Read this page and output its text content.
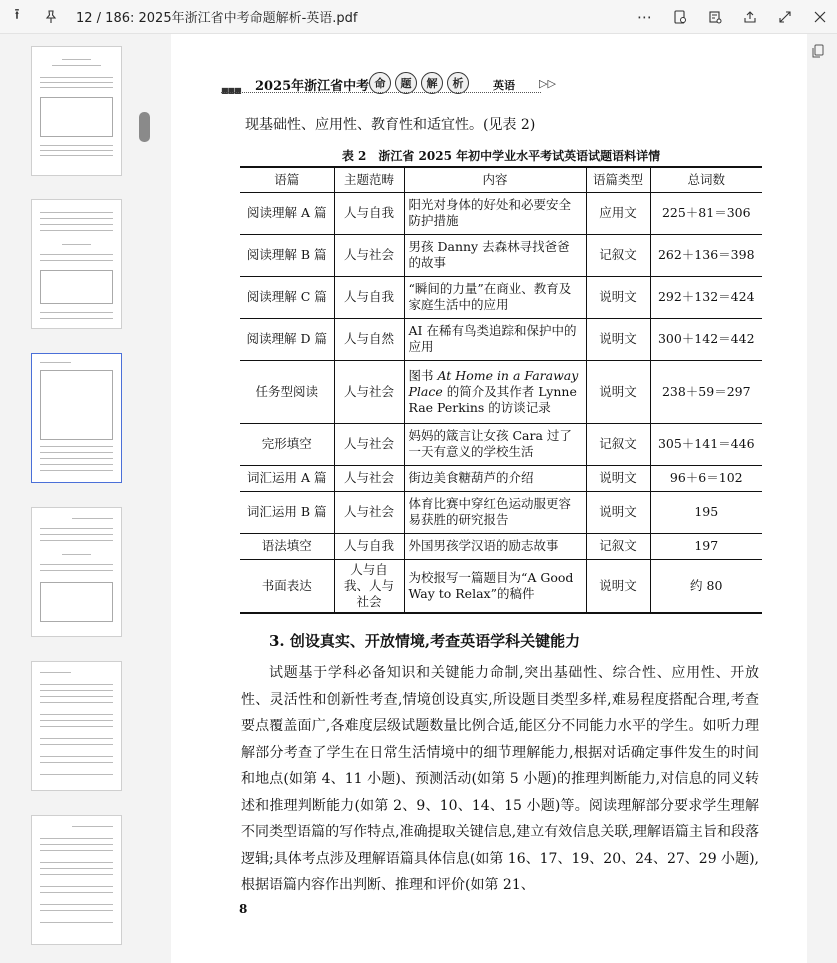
⭱	12 / 186: 2025年浙江省中考命题解析-英语.pdf	⋯
■■■ 2025年浙江省中考 命	题	解	析	英语 ▷▷
现基础性、应用性、教育性和适宜性。(见表 2)
表 2　浙江省 2025 年初中学业水平考试英语试题语料详情
语篇	主题范畴	内容	语篇类型	总词数
阅读理解 A 篇	人与自我	阳光对身体的好处和必要安全防护措施	应用文	225＋81＝306
阅读理解 B 篇	人与社会	男孩 Danny 去森林寻找爸爸的故事	记叙文	262＋136＝398
阅读理解 C 篇	人与自我	“瞬间的力量”在商业、教育及家庭生活中的应用	说明文	292＋132＝424
阅读理解 D 篇	人与自然	AI 在稀有鸟类追踪和保护中的应用	说明文	300＋142＝442
任务型阅读	人与社会	图书 At Home in a Faraway Place 的简介及其作者 Lynne Rae Perkins 的访谈记录	说明文	238＋59＝297
完形填空	人与社会	妈妈的箴言让女孩 Cara 过了一天有意义的学校生活	记叙文	305＋141＝446
词汇运用 A 篇	人与社会	街边美食糖葫芦的介绍	说明文	96＋6＝102
词汇运用 B 篇	人与社会	体育比赛中穿红色运动服更容易获胜的研究报告	说明文	195
语法填空	人与自我	外国男孩学汉语的励志故事	记叙文	197
书面表达	人与自我、人与社会	为校报写一篇题目为“A Good Way to Relax”的稿件	说明文	约 80
3. 创设真实、开放情境,考查英语学科关键能力
试题基于学科必备知识和关键能力命制,突出基础性、综合性、应用性、开放性、灵活性和创新性考查,情境创设真实,所设题目类型多样,难易程度搭配合理,考查要点覆盖面广,各难度层级试题数量比例合适,能区分不同能力水平的学生。如听力理解部分考查了学生在日常生活情境中的细节理解能力,根据对话确定事件发生的时间和地点(如第 4、11 小题)、预测活动(如第 5 小题)的推理判断能力,对信息的同义转述和推理判断能力(如第 2、9、10、14、15 小题)等。阅读理解部分要求学生理解不同类型语篇的写作特点,准确提取关键信息,建立有效信息关联,理解语篇主旨和段落逻辑;具体考点涉及理解语篇具体信息(如第 16、17、19、20、24、27、29 小题),根据语篇内容作出判断、推理和评价(如第 21、
8
